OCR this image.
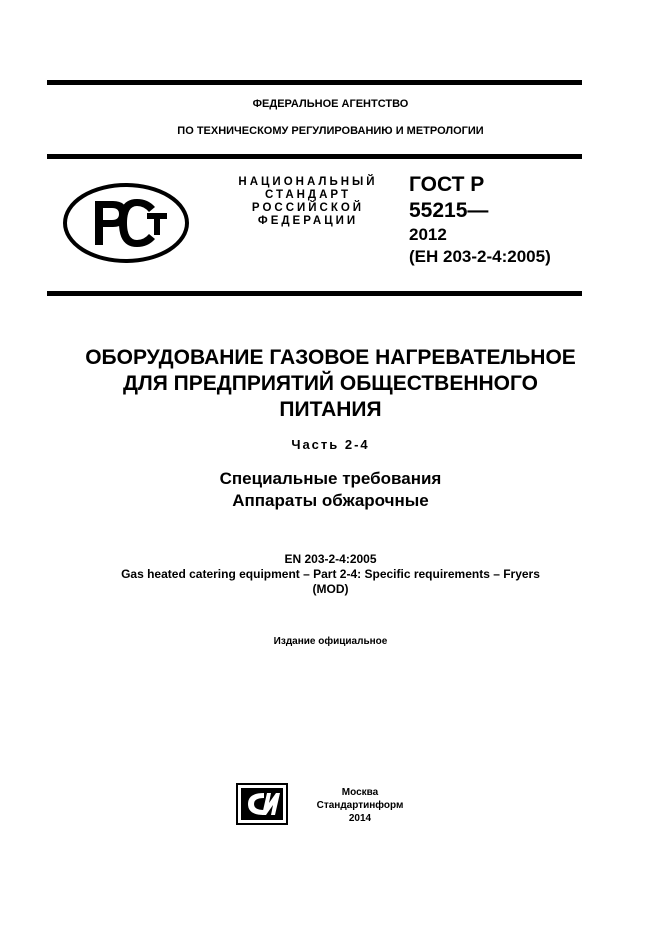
ФЕДЕРАЛЬНОЕ АГЕНТСТВО
ПО ТЕХНИЧЕСКОМУ РЕГУЛИРОВАНИЮ И МЕТРОЛОГИИ
НАЦИОНАЛЬНЫЙ
СТАНДАРТ
РОССИЙСКОЙ
ФЕДЕРАЦИИ
ГОСТ Р
55215—
2012
(ЕН 203-2-4:2005)
ОБОРУДОВАНИЕ ГАЗОВОЕ НАГРЕВАТЕЛЬНОЕ
ДЛЯ ПРЕДПРИЯТИЙ ОБЩЕСТВЕННОГО
ПИТАНИЯ
Часть 2-4
Специальные требования
Аппараты обжарочные
EN 203-2-4:2005
Gas heated catering equipment – Part 2-4: Specific requirements – Fryers
(MOD)
Издание официальное
Москва
Стандартинформ
2014
